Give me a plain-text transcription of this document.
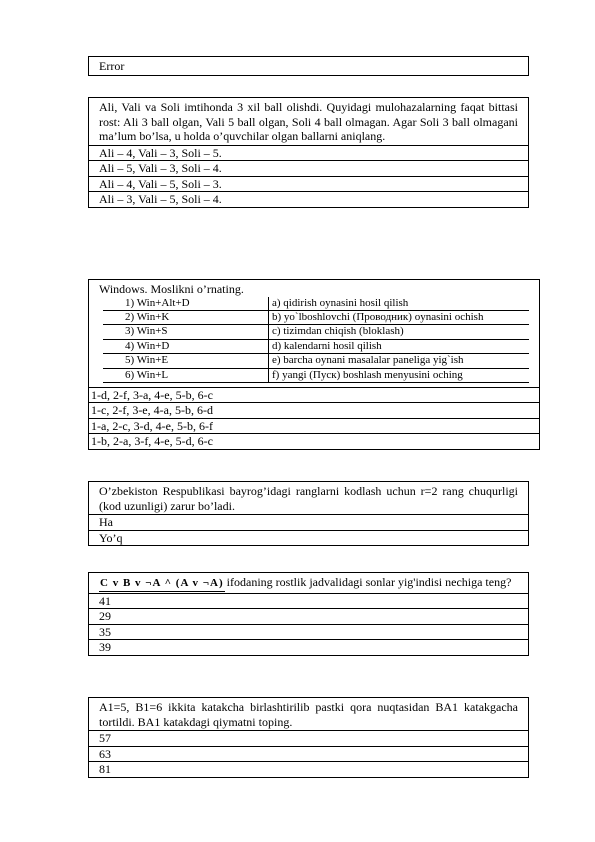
Error
Ali, Vali va Soli imtihonda 3 xil ball olishdi. Quyidagi mulohazalarning faqat bittasi rost: Ali 3 ball olgan, Vali 5 ball olgan, Soli 4 ball olmagan. Agar Soli 3 ball olmagani ma’lum bo’lsa, u holda o’quvchilar olgan ballarni aniqlang.
Ali – 4, Vali – 3, Soli – 5.
Ali – 5, Vali – 3, Soli – 4.
Ali – 4, Vali – 5, Soli – 3.
Ali – 3, Vali – 5, Soli – 4.
Windows. Moslikni o’rnating.
1) Win+Alt+D	a) qidirish oynasini hosil qilish
2) Win+K	b) yo`lboshlovchi (Проводник) oynasini ochish
3) Win+S	c) tizimdan chiqish (bloklash)
4) Win+D	d) kalendarni hosil qilish
5) Win+E	e) barcha oynani masalalar paneliga yig`ish
6) Win+L	f) yangi (Пуск) boshlash menyusini oching

1-d, 2-f, 3-a, 4-e, 5-b, 6-c
1-c, 2-f, 3-e, 4-a, 5-b, 6-d
1-a, 2-c, 3-d, 4-e, 5-b, 6-f
1-b, 2-a, 3-f, 4-e, 5-d, 6-c
O’zbekiston Respublikasi bayrog’idagi ranglarni kodlash uchun r=2 rang chuqurligi (kod uzunligi) zarur bo’ladi.
Ha
Yo’q
C v B v ¬A ^ (A v ¬A) ifodaning rostlik jadvalidagi sonlar yig'indisi nechiga teng?
41
29
35
39
A1=5, B1=6 ikkita katakcha birlashtirilib pastki qora nuqtasidan BA1 katakgacha tortildi. BA1 katakdagi qiymatni toping.
57
63
81
